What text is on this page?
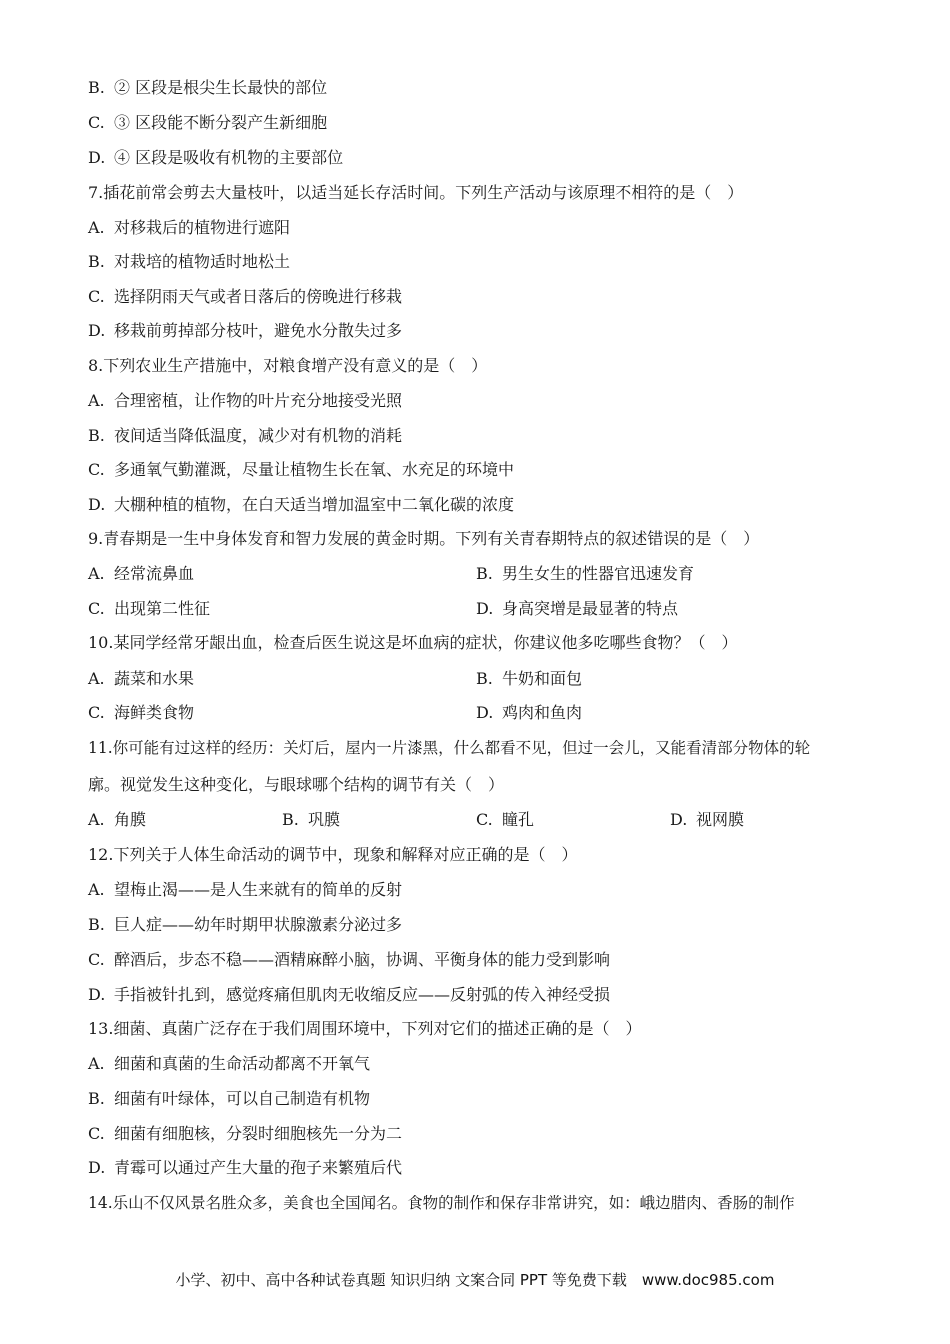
B. ② 区段是根尖生长最快的部位
C. ③ 区段能不断分裂产生新细胞
D. ④ 区段是吸收有机物的主要部位
7.插花前常会剪去大量枝叶，以适当延长存活时间。下列生产活动与该原理不相符的是（　）
A. 对移栽后的植物进行遮阳
B. 对栽培的植物适时地松土
C. 选择阴雨天气或者日落后的傍晚进行移栽
D. 移栽前剪掉部分枝叶，避免水分散失过多
8.下列农业生产措施中，对粮食增产没有意义的是（　）
A. 合理密植，让作物的叶片充分地接受光照
B. 夜间适当降低温度，减少对有机物的消耗
C. 多通氧气勤灌溉，尽量让植物生长在氧、水充足的环境中
D. 大棚种植的植物，在白天适当增加温室中二氧化碳的浓度
9.青春期是一生中身体发育和智力发展的黄金时期。下列有关青春期特点的叙述错误的是（　）
A. 经常流鼻血	B. 男生女生的性器官迅速发育
C. 出现第二性征	D. 身高突增是最显著的特点
10.某同学经常牙龈出血，检查后医生说这是坏血病的症状，你建议他多吃哪些食物？（　）
A. 蔬菜和水果	B. 牛奶和面包
C. 海鲜类食物	D. 鸡肉和鱼肉
11.你可能有过这样的经历：关灯后，屋内一片漆黑，什么都看不见，但过一会儿，又能看清部分物体的轮
廓。视觉发生这种变化，与眼球哪个结构的调节有关（　）
A. 角膜	B. 巩膜	C. 瞳孔	D. 视网膜
12.下列关于人体生命活动的调节中，现象和解释对应正确的是（　）
A. 望梅止渴——是人生来就有的简单的反射
B. 巨人症——幼年时期甲状腺激素分泌过多
C. 醉酒后，步态不稳——酒精麻醉小脑，协调、平衡身体的能力受到影响
D. 手指被针扎到，感觉疼痛但肌肉无收缩反应——反射弧的传入神经受损
13.细菌、真菌广泛存在于我们周围环境中，下列对它们的描述正确的是（　）
A. 细菌和真菌的生命活动都离不开氧气
B. 细菌有叶绿体，可以自己制造有机物
C. 细菌有细胞核，分裂时细胞核先一分为二
D. 青霉可以通过产生大量的孢子来繁殖后代
14.乐山不仅风景名胜众多，美食也全国闻名。食物的制作和保存非常讲究，如：峨边腊肉、香肠的制作
小学、初中、高中各种试卷真题 知识归纳 文案合同 PPT 等免费下载　www.doc985.com
